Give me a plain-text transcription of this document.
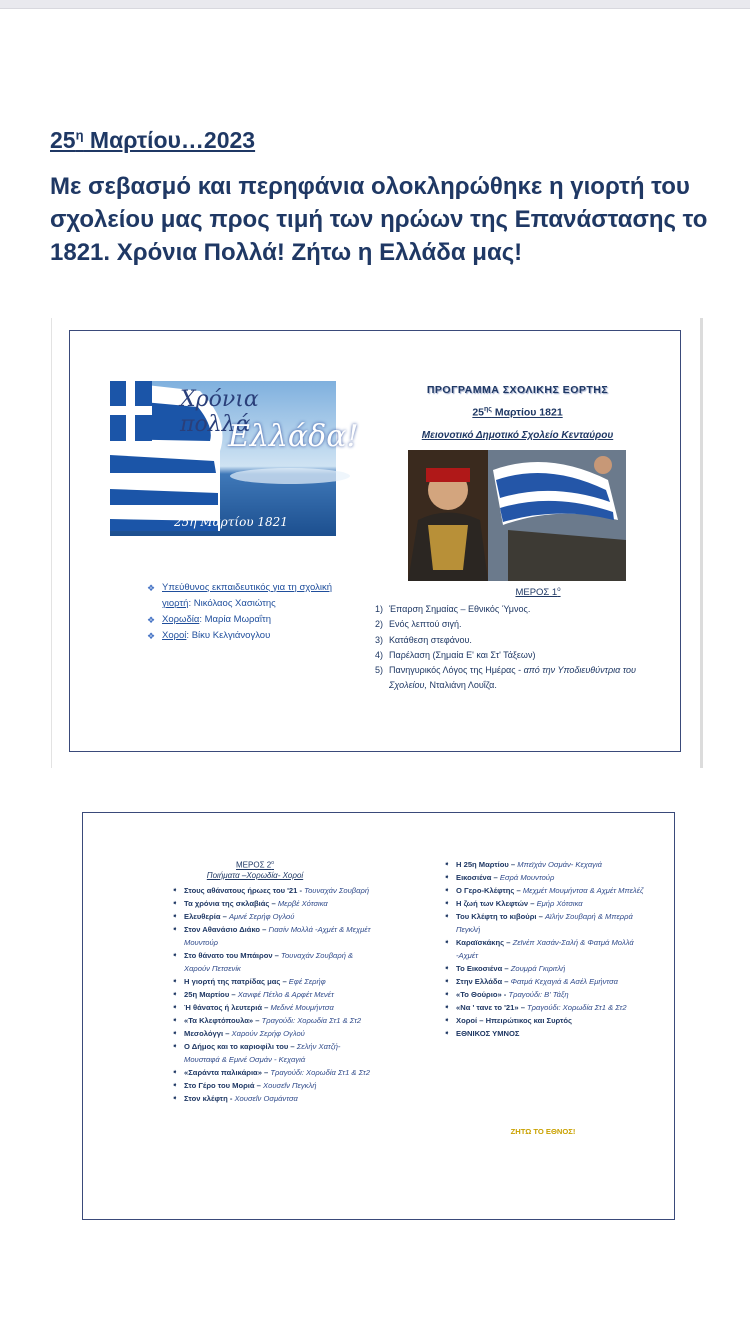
$25^\eta$ Μαρτίου…2023

Με σεβασμό και περηφάνια ολοκληρώθηκε η γιορτή του σχολείου μας προς τιμή των ηρώων της Επανάστασης το 1821. Χρόνια Πολλά! Ζήτω η Ελλάδα μας!

Χρόνια πολλά
Ελλάδα!
25η Μαρτίου 1821
❖ Υπεύθυνος εκπαιδευτικός για τη σχολική γιορτή: Νικόλαος Χασιώτης
❖ Χορωδία: Μαρία Μωραΐτη
❖ Χοροί: Βίκυ Κελγιάνογλου
ΠΡΟΓΡΑΜΜΑ ΣΧΟΛΙΚΗΣ ΕΟΡΤΗΣ
$25^{\eta\varsigma}$ Μαρτίου 1821
Μειονοτικό Δημοτικό Σχολείο Κενταύρου
ΜΕΡΟΣ $1^o$
1) Έπαρση Σημαίας – Εθνικός Ύμνος.
2) Ενός λεπτού σιγή.
3) Κατάθεση στεφάνου.
4) Παρέλαση (Σημαία Ε' και Στ' Τάξεων)
5) Πανηγυρικός Λόγος της Ημέρας - από την Υποδιευθύντρια του Σχολείου, Νταλιάνη Λουΐζα.
ΜΕΡΟΣ $2^o$
Ποιήματα –Χορωδία- Χοροί
➧ Στους αθάνατους ήρωες του '21 - Τουναχάν Σουβαρή
➧ Τα χρόνια της σκλαβιάς – Μερβέ Χότσικα
➧ Ελευθερία – Αμινέ Σερήφ Ογλού
➧ Στον Αθανάσιο Διάκο – Γιασίν Μολλά -Αχμέτ & Μεχμέτ Μουντούρ
➧ Στο θάνατο του Μπάιρον – Τουναχάν Σουβαρή & Χαρούν Πετσενίκ
➧ Η γιορτή της πατρίδας μας – Εφέ Σερήφ
➧ 25η Μαρτίου – Χανιφέ Πέτλο & Αρφέτ Μενέτ
➧ Ή θάνατος ή λευτεριά – Μεδινέ Μουμήντσα
➧ «Τα Κλεφτόπουλα» – Τραγούδι: Χορωδία Στ1 & Στ2
➧ Μεσολόγγι – Χαρούν Σερήφ Ογλού
➧ Ο Δήμος και το καριοφίλι του – Σελήν Χατζή-Μουσταφά & Εμινέ Οσμάν - Κεχαγιά
➧ «Σαράντα παλικάρια» – Τραγούδι: Χορωδία Στ1 & Στ2
➧ Στο Γέρο του Μοριά – Χουσεΐν Πεγκλή
➧ Στον κλέφτη - Χουσεΐν Οσμάντσα
➧ Η 25η Μαρτίου – Μπεϊχάν Οσμάν- Κεχαγιά
➧ Εικοσιένα – Εσρά Μουντούρ
➧ Ο Γερο-Κλέφτης – Μεχμέτ Μουμήντσα & Αχμέτ Μπελέζ
➧ Η ζωή των Κλεφτών – Εμήρ Χότσικα
➧ Του Κλέφτη το κιβούρι – Αϊλήν Σουβαρή & Μπερρά Πεγκλή
➧ Καραϊσκάκης – Ζεϊνέπ Χασάν-Σαλή & Φατμά Μολλά -Αχμέτ
➧ Το Εικοσιένα – Ζουμρά Γκιριτλή
➧ Στην Ελλάδα – Φατμά Κεχαγιά & Ασέλ Εμήντσα
➧ «Το Θούριο» - Τραγούδι: Β' Τάξη
➧ «Να ' τανε το '21» – Τραγούδι: Χορωδία Στ1 & Στ2
➧ Χοροί – Ηπειρώτικος και Συρτός
➧ ΕΘΝΙΚΟΣ ΥΜΝΟΣ
ΖΗΤΩ ΤΟ ΕΘΝΟΣ!
